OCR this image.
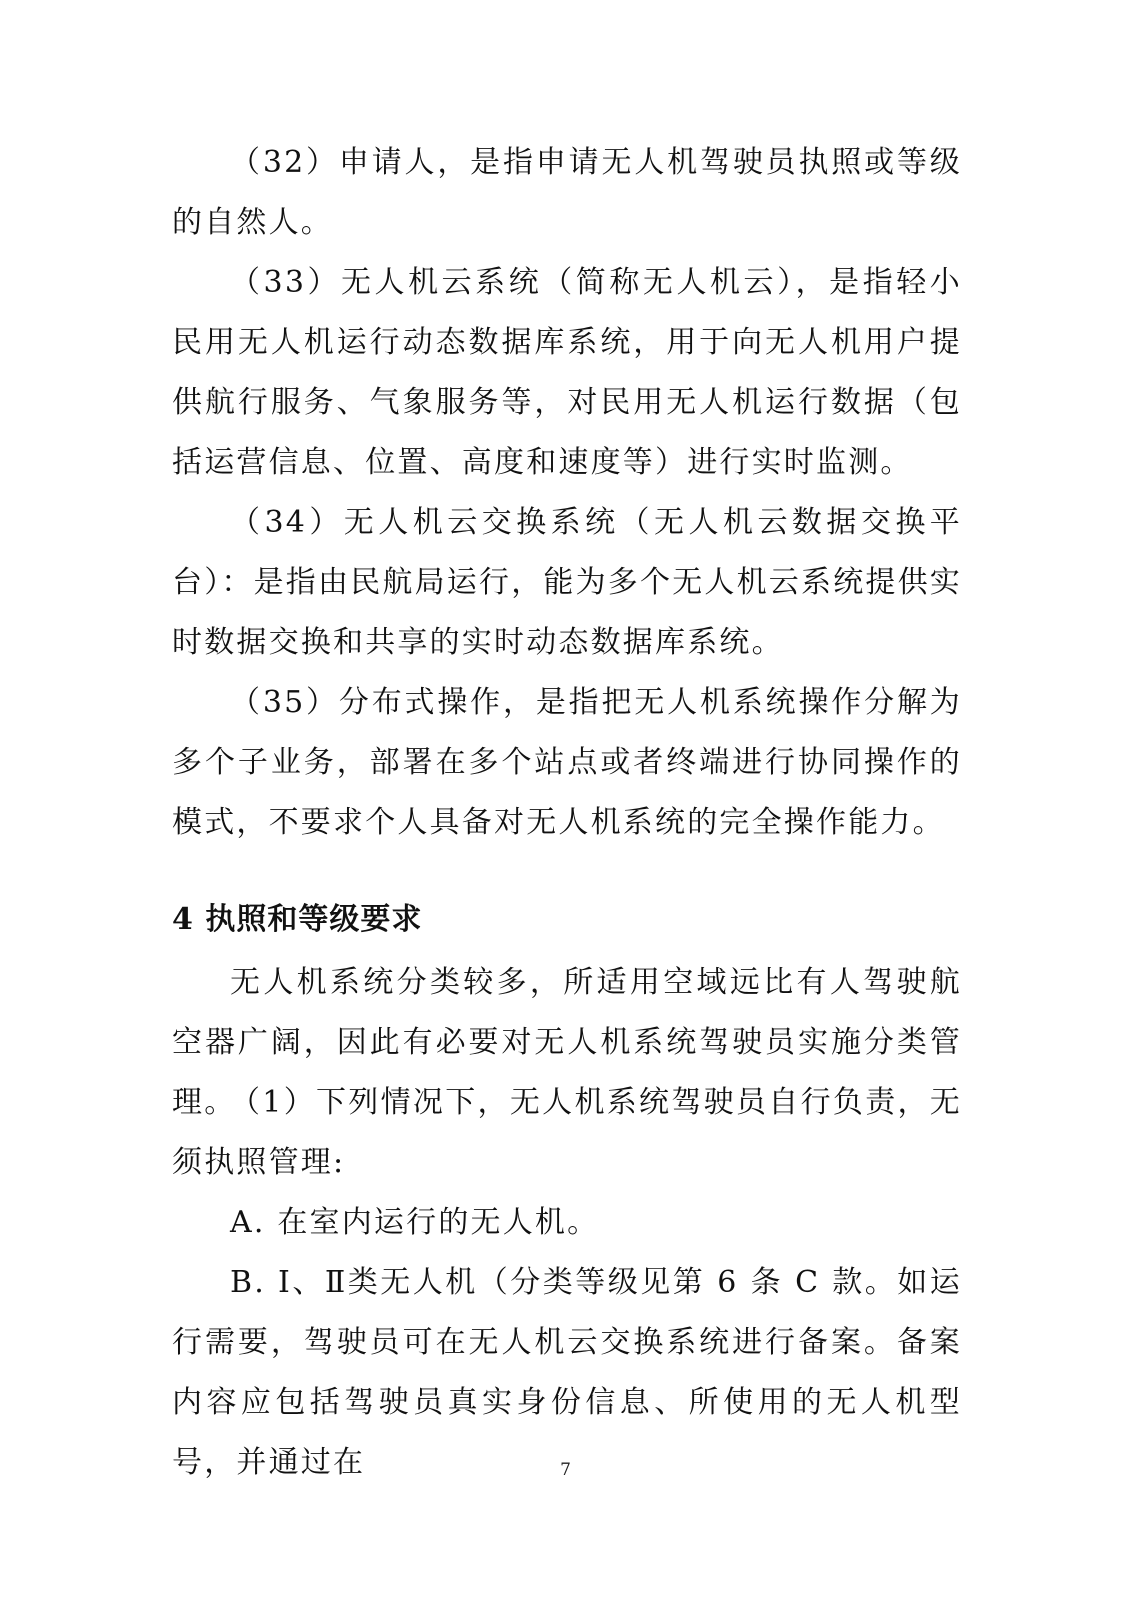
（32）申请人，是指申请无人机驾驶员执照或等级的自然人。

（33）无人机云系统（简称无人机云），是指轻小民用无人机运行动态数据库系统，用于向无人机用户提供航行服务、气象服务等，对民用无人机运行数据（包括运营信息、位置、高度和速度等）进行实时监测。

（34）无人机云交换系统（无人机云数据交换平台）：是指由民航局运行，能为多个无人机云系统提供实时数据交换和共享的实时动态数据库系统。

（35）分布式操作，是指把无人机系统操作分解为多个子业务，部署在多个站点或者终端进行协同操作的模式，不要求个人具备对无人机系统的完全操作能力。

4 执照和等级要求

无人机系统分类较多，所适用空域远比有人驾驶航空器广阔，因此有必要对无人机系统驾驶员实施分类管理。

（1）下列情况下，无人机系统驾驶员自行负责，无须执照管理:

A. 在室内运行的无人机。

B. Ⅰ、Ⅱ类无人机（分类等级见第 6 条 C 款。如运行需要，驾驶员可在无人机云交换系统进行备案。备案内容应包括驾驶员真实身份信息、所使用的无人机型号，并通过在	7
